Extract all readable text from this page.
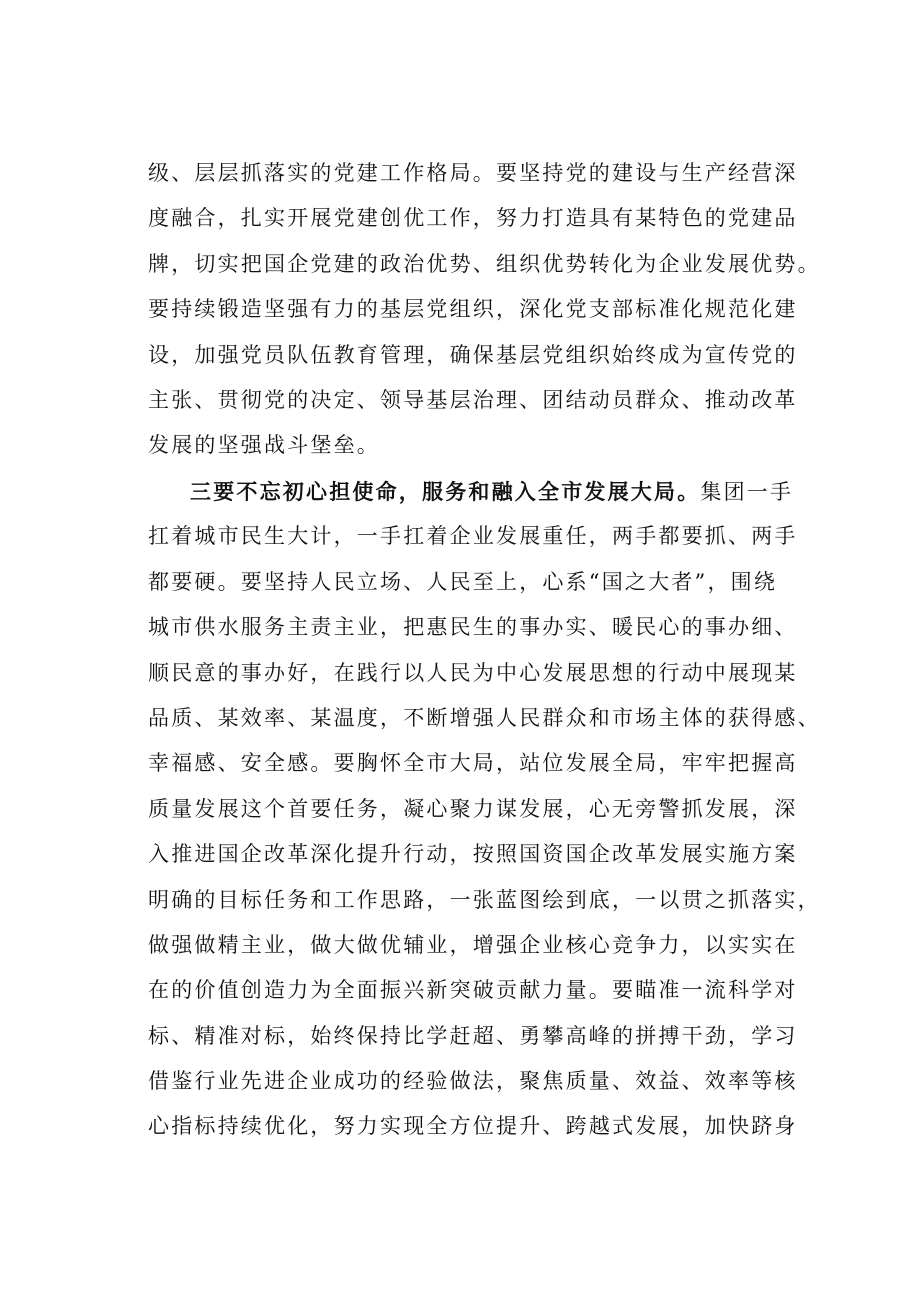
级、层层抓落实的党建工作格局。要坚持党的建设与生产经营深
度融合，扎实开展党建创优工作，努力打造具有某特色的党建品
牌，切实把国企党建的政治优势、组织优势转化为企业发展优势。
要持续锻造坚强有力的基层党组织，深化党支部标准化规范化建
设，加强党员队伍教育管理，确保基层党组织始终成为宣传党的
主张、贯彻党的决定、领导基层治理、团结动员群众、推动改革
发展的坚强战斗堡垒。
三要不忘初心担使命，服务和融入全市发展大局。集团一手
扛着城市民生大计，一手扛着企业发展重任，两手都要抓、两手
都要硬。要坚持人民立场、人民至上，心系“国之大者”，围绕
城市供水服务主责主业，把惠民生的事办实、暖民心的事办细、
顺民意的事办好，在践行以人民为中心发展思想的行动中展现某
品质、某效率、某温度，不断增强人民群众和市场主体的获得感、
幸福感、安全感。要胸怀全市大局，站位发展全局，牢牢把握高
质量发展这个首要任务，凝心聚力谋发展，心无旁警抓发展，深
入推进国企改革深化提升行动，按照国资国企改革发展实施方案
明确的目标任务和工作思路，一张蓝图绘到底，一以贯之抓落实，
做强做精主业，做大做优辅业，增强企业核心竞争力，以实实在
在的价值创造力为全面振兴新突破贡献力量。要瞄准一流科学对
标、精准对标，始终保持比学赶超、勇攀高峰的拼搏干劲，学习
借鉴行业先进企业成功的经验做法，聚焦质量、效益、效率等核
心指标持续优化，努力实现全方位提升、跨越式发展，加快跻身
